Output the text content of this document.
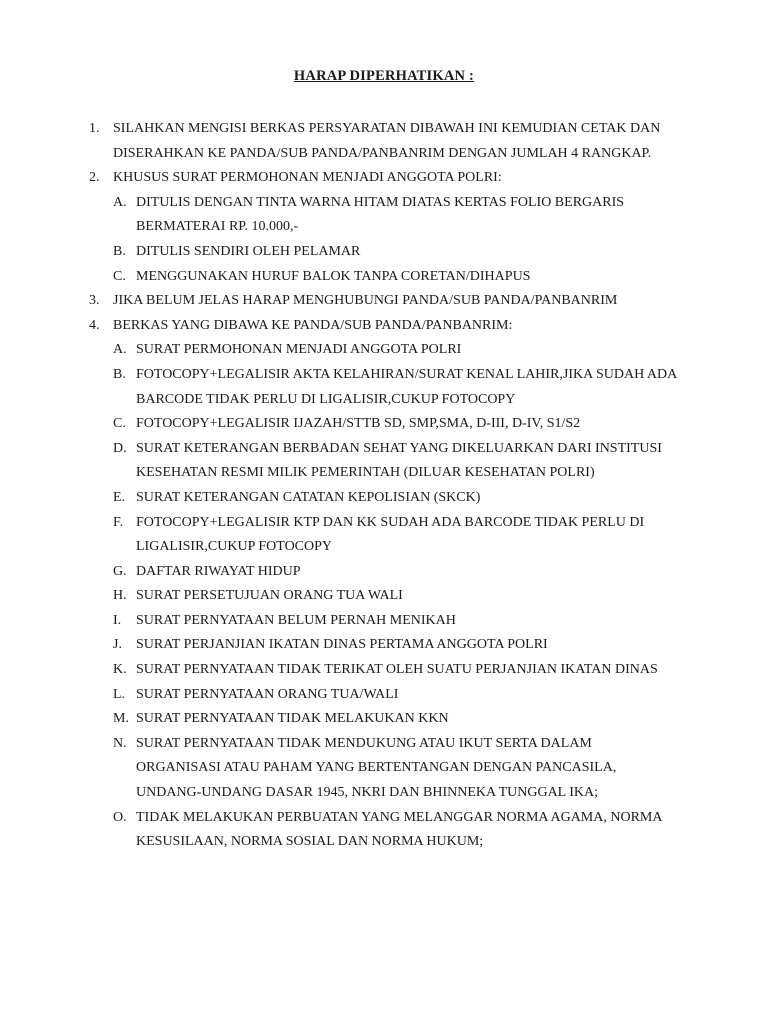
HARAP DIPERHATIKAN :
1. SILAHKAN MENGISI BERKAS PERSYARATAN DIBAWAH INI KEMUDIAN CETAK DAN
DISERAHKAN KE PANDA/SUB PANDA/PANBANRIM DENGAN JUMLAH 4 RANGKAP.
2. KHUSUS SURAT PERMOHONAN MENJADI ANGGOTA POLRI:
A. DITULIS DENGAN TINTA WARNA HITAM DIATAS KERTAS FOLIO BERGARIS
BERMATERAI RP. 10.000,-
B. DITULIS SENDIRI OLEH PELAMAR
C. MENGGUNAKAN HURUF BALOK TANPA CORETAN/DIHAPUS
3. JIKA BELUM JELAS HARAP MENGHUBUNGI PANDA/SUB PANDA/PANBANRIM
4. BERKAS YANG DIBAWA KE PANDA/SUB PANDA/PANBANRIM:
A. SURAT PERMOHONAN MENJADI ANGGOTA POLRI
B. FOTOCOPY+LEGALISIR AKTA KELAHIRAN/SURAT KENAL LAHIR,JIKA SUDAH ADA
BARCODE TIDAK PERLU DI LIGALISIR,CUKUP FOTOCOPY
C. FOTOCOPY+LEGALISIR IJAZAH/STTB SD, SMP,SMA, D-III, D-IV, S1/S2
D. SURAT KETERANGAN BERBADAN SEHAT YANG DIKELUARKAN DARI INSTITUSI
KESEHATAN RESMI MILIK PEMERINTAH (DILUAR KESEHATAN POLRI)
E. SURAT KETERANGAN CATATAN KEPOLISIAN (SKCK)
F. FOTOCOPY+LEGALISIR KTP DAN KK SUDAH ADA BARCODE TIDAK PERLU DI
LIGALISIR,CUKUP FOTOCOPY
G. DAFTAR RIWAYAT HIDUP
H. SURAT PERSETUJUAN ORANG TUA WALI
I. SURAT PERNYATAAN BELUM PERNAH MENIKAH
J. SURAT PERJANJIAN IKATAN DINAS PERTAMA ANGGOTA POLRI
K. SURAT PERNYATAAN TIDAK TERIKAT OLEH SUATU PERJANJIAN IKATAN DINAS
L. SURAT PERNYATAAN ORANG TUA/WALI
M. SURAT PERNYATAAN TIDAK MELAKUKAN KKN
N. SURAT PERNYATAAN TIDAK MENDUKUNG ATAU IKUT SERTA DALAM
ORGANISASI ATAU PAHAM YANG BERTENTANGAN DENGAN PANCASILA,
UNDANG-UNDANG DASAR 1945, NKRI DAN BHINNEKA TUNGGAL IKA;
O. TIDAK MELAKUKAN PERBUATAN YANG MELANGGAR NORMA AGAMA, NORMA
KESUSILAAN, NORMA SOSIAL DAN NORMA HUKUM;
